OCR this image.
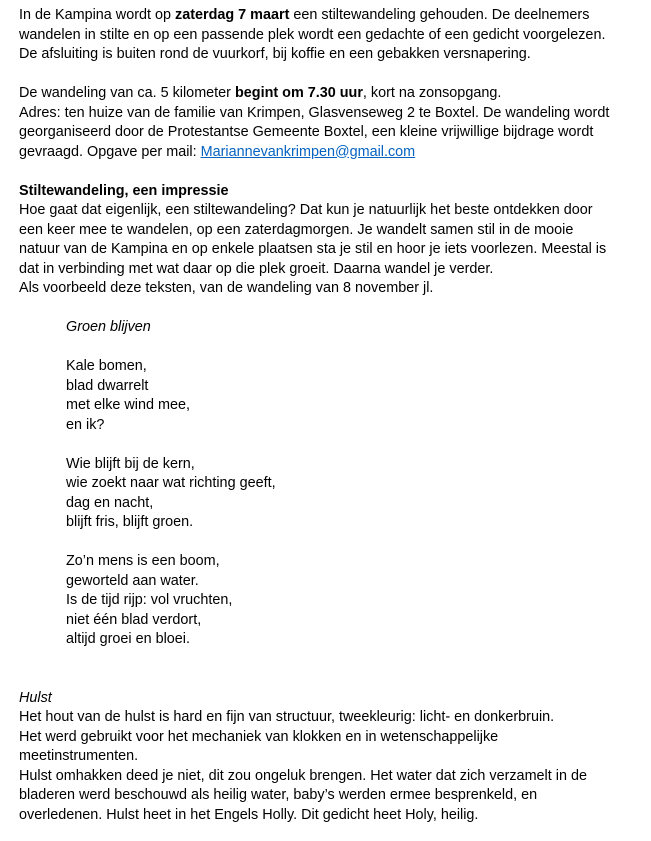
In de Kampina wordt op zaterdag 7 maart een stiltewandeling gehouden. De deelnemers

wandelen in stilte en op een passende plek wordt een gedachte of een gedicht voorgelezen.

De afsluiting is buiten rond de vuurkorf, bij koffie en een gebakken versnapering.

De wandeling van ca. 5 kilometer begint om 7.30 uur, kort na zonsopgang.

Adres: ten huize van de familie van Krimpen, Glasvenseweg 2 te Boxtel. De wandeling wordt

georganiseerd door de Protestantse Gemeente Boxtel, een kleine vrijwillige bijdrage wordt

gevraagd. Opgave per mail: Mariannevankrimpen@gmail.com

Stiltewandeling, een impressie

Hoe gaat dat eigenlijk, een stiltewandeling? Dat kun je natuurlijk het beste ontdekken door

een keer mee te wandelen, op een zaterdagmorgen. Je wandelt samen stil in de mooie

natuur van de Kampina en op enkele plaatsen sta je stil en hoor je iets voorlezen. Meestal is

dat in verbinding met wat daar op die plek groeit. Daarna wandel je verder.

Als voorbeeld deze teksten, van de wandeling van 8 november jl.

Groen blijven

Kale bomen,

blad dwarrelt

met elke wind mee,

en ik?

Wie blijft bij de kern,

wie zoekt naar wat richting geeft,

dag en nacht,

blijft fris, blijft groen.

Zo’n mens is een boom,

geworteld aan water.

Is de tijd rijp: vol vruchten,

niet één blad verdort,

altijd groei en bloei.

Hulst

Het hout van de hulst is hard en fijn van structuur, tweekleurig: licht- en donkerbruin.

Het werd gebruikt voor het mechaniek van klokken en in wetenschappelijke

meetinstrumenten.

Hulst omhakken deed je niet, dit zou ongeluk brengen. Het water dat zich verzamelt in de

bladeren werd beschouwd als heilig water, baby’s werden ermee besprenkeld, en

overledenen. Hulst heet in het Engels Holly. Dit gedicht heet Holy, heilig.
